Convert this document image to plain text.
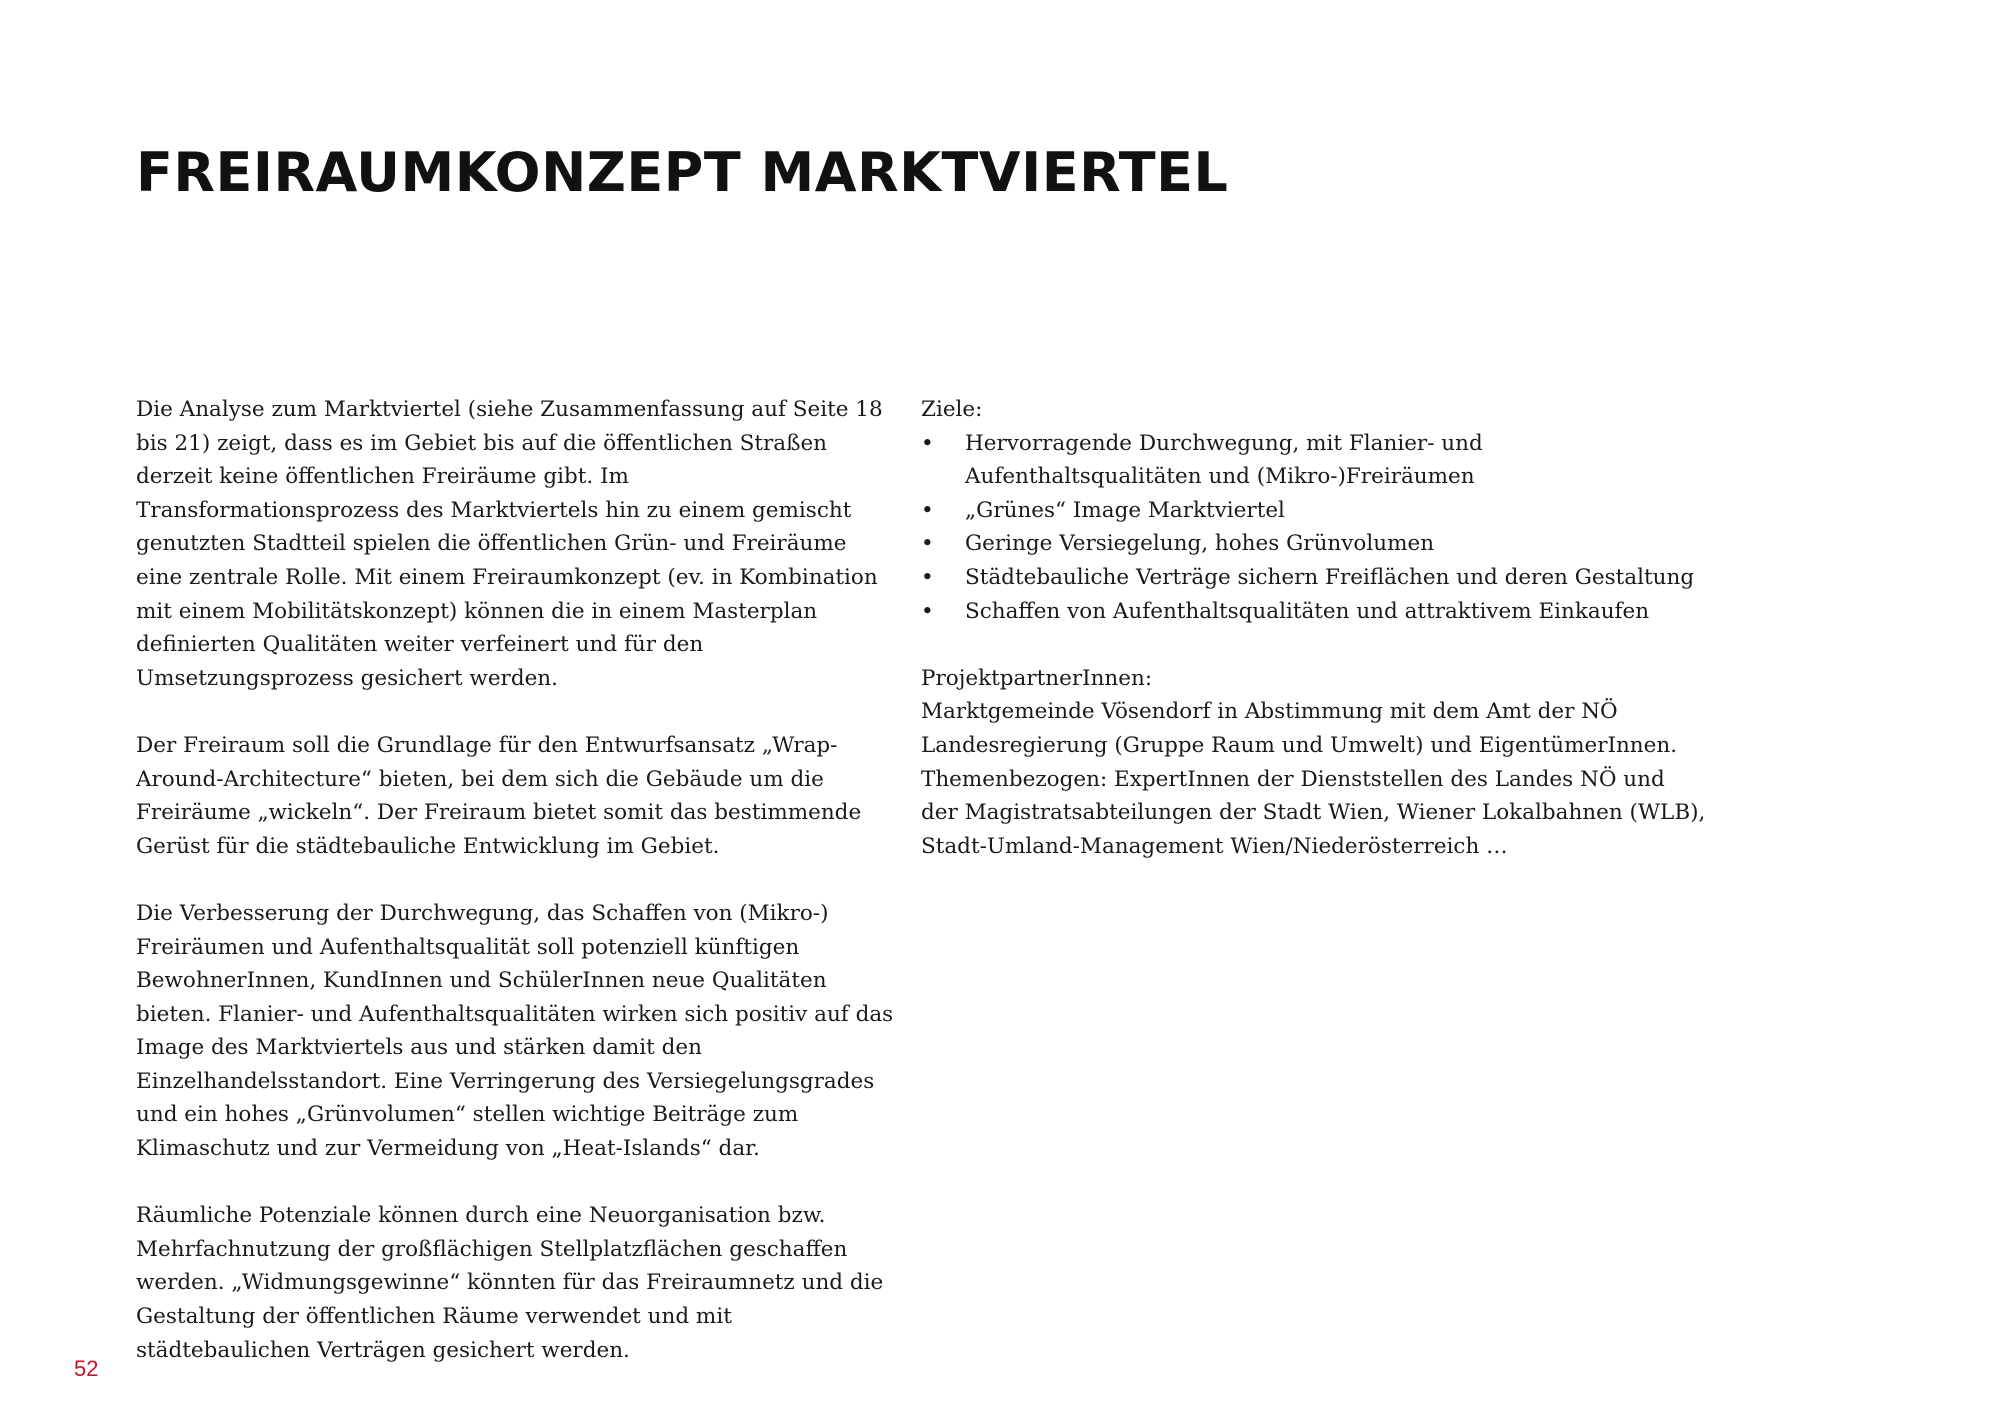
FREIRAUMKONZEPT MARKTVIERTEL

Die Analyse zum Marktviertel (siehe Zusammenfassung auf Seite 18 bis 21) zeigt, dass es im Gebiet bis auf die öffentlichen Straßen derzeit keine öffentlichen Freiräume gibt. Im Transformationsprozess des Marktviertels hin zu einem gemischt genutzten Stadtteil spielen die öffentlichen Grün- und Freiräume eine zentrale Rolle. Mit einem Freiraumkonzept (ev. in Kombination mit einem Mobilitätskonzept) können die in einem Masterplan definierten Qualitäten weiter verfeinert und für den Umsetzungsprozess gesichert werden.

Der Freiraum soll die Grundlage für den Entwurfsansatz „Wrap-Around-Architecture“ bieten, bei dem sich die Gebäude um die Freiräume „wickeln“. Der Freiraum bietet somit das bestimmende Gerüst für die städtebauliche Entwicklung im Gebiet.

Die Verbesserung der Durchwegung, das Schaffen von (Mikro-) Freiräumen und Aufenthaltsqualität soll potenziell künftigen BewohnerInnen, KundInnen und SchülerInnen neue Qualitäten bieten. Flanier- und Aufenthaltsqualitäten wirken sich positiv auf das Image des Marktviertels aus und stärken damit den Einzelhandelsstandort. Eine Verringerung des Versiegelungsgrades und ein hohes „Grünvolumen“ stellen wichtige Beiträge zum Klimaschutz und zur Vermeidung von „Heat-Islands“ dar.

Räumliche Potenziale können durch eine Neuorganisation bzw. Mehrfachnutzung der großflächigen Stellplatzflächen geschaffen werden. „Widmungsgewinne“ könnten für das Freiraumnetz und die Gestaltung der öffentlichen Räume verwendet und mit städtebaulichen Verträgen gesichert werden.

Ziele:

• Hervorragende Durchwegung, mit Flanier- und Aufenthaltsqualitäten und (Mikro-)Freiräumen
• „Grünes“ Image Marktviertel
• Geringe Versiegelung, hohes Grünvolumen
• Städtebauliche Verträge sichern Freiflächen und deren Gestaltung
• Schaffen von Aufenthaltsqualitäten und attraktivem Einkaufen

ProjektpartnerInnen:

Marktgemeinde Vösendorf in Abstimmung mit dem Amt der NÖ

Landesregierung (Gruppe Raum und Umwelt) und EigentümerInnen.

Themenbezogen: ExpertInnen der Dienststellen des Landes NÖ und

der Magistratsabteilungen der Stadt Wien, Wiener Lokalbahnen (WLB),

Stadt-Umland-Management Wien/Niederösterreich …

52
